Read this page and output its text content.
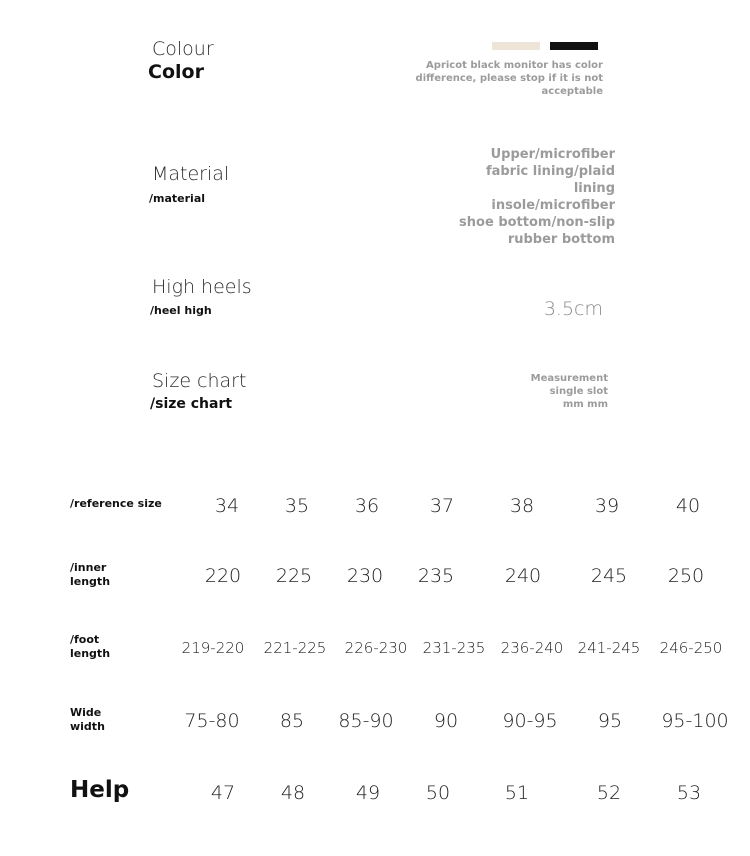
Colour
Color	Apricot black monitor has color
difference, please stop if it is not
acceptable
Material
/material
Upper/microfiber
fabric lining/plaid
lining
insole/microfiber
shoe bottom/non-slip
rubber bottom
High heels
/heel high	3.5cm
Size chart
/size chart
Measurement
single slot
mm mm
/reference size	34 35 36	37	38	39	40
/inner
length	220 225 230 235	240	245 250
/foot
length	219-220 221-225 226-230 231-235 236-240 241-245 246-250
Wide
width	75-80 85 85-90 90 90-95 95 95-100
Help	47 48	49 50	51	52	53
